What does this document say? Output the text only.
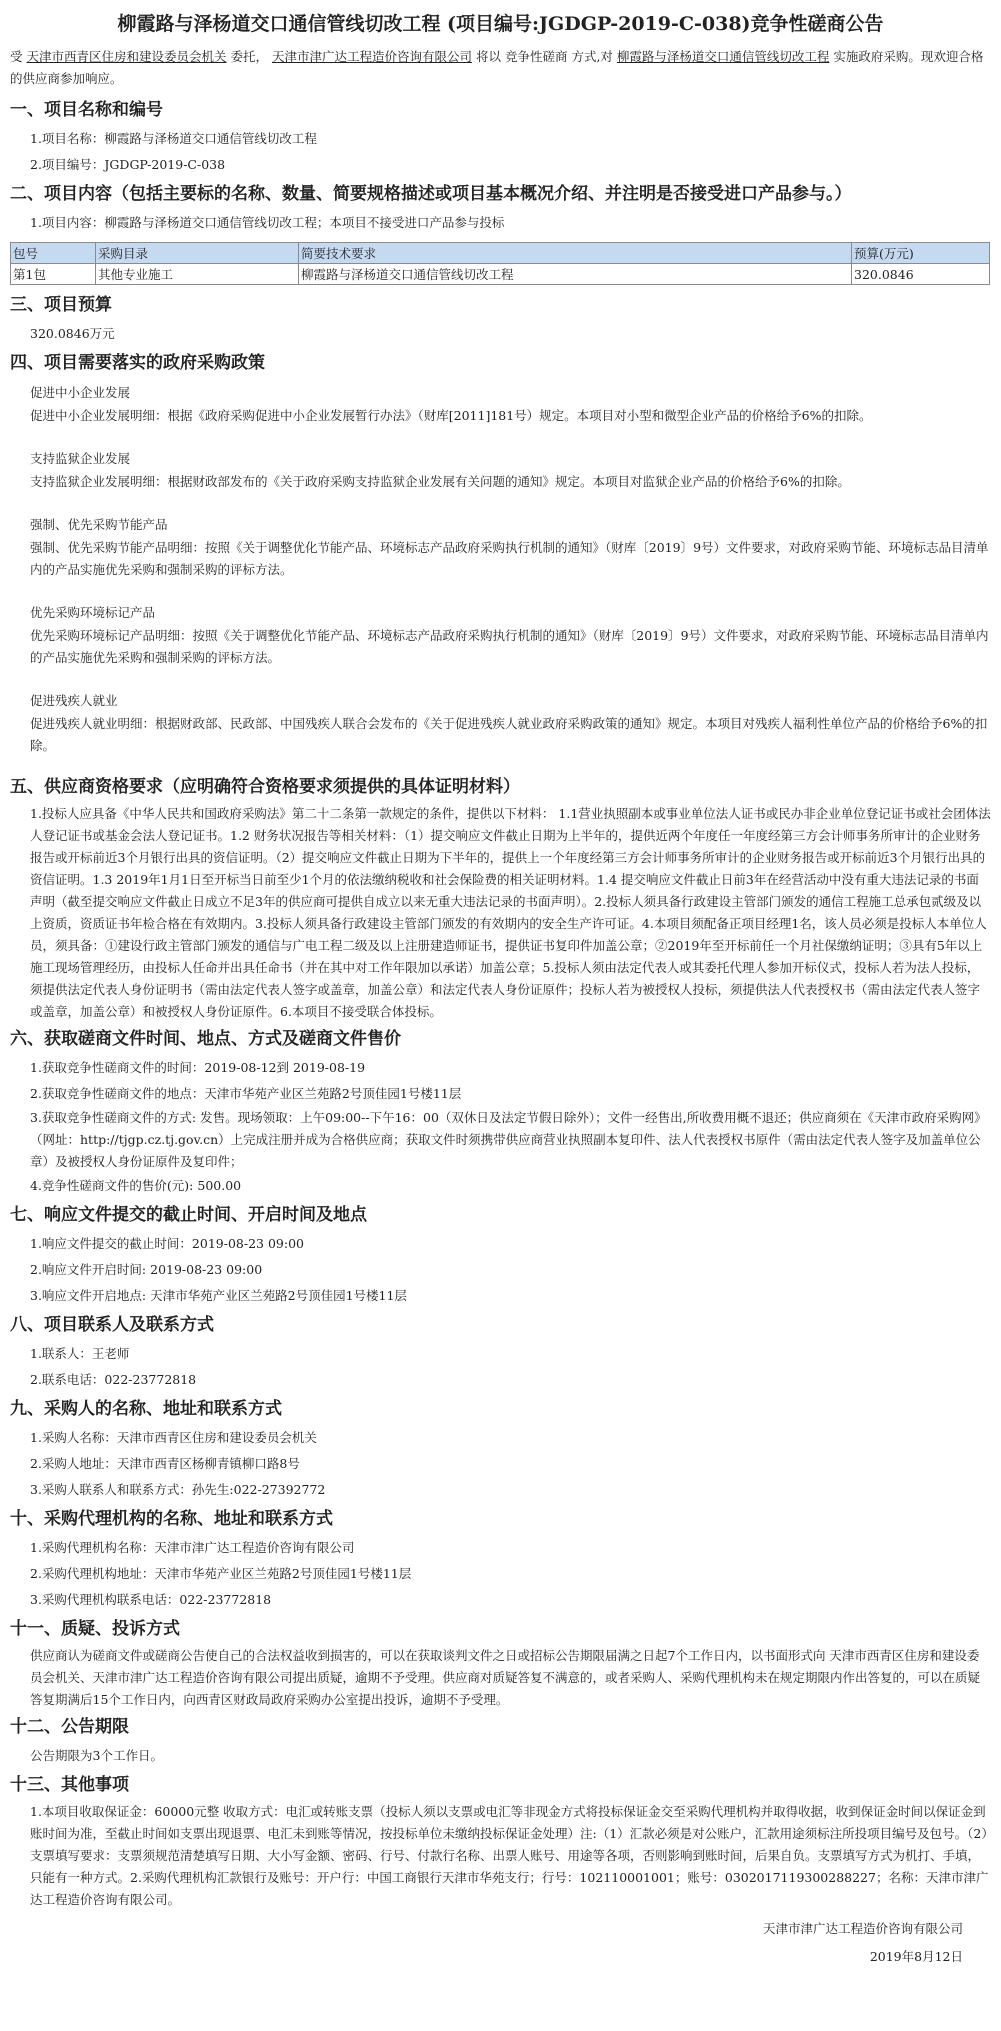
柳霞路与泽杨道交口通信管线切改工程 (项目编号:JGDGP-2019-C-038)竞争性磋商公告

受 天津市西青区住房和建设委员会机关 委托， 天津市津广达工程造价咨询有限公司 将以 竞争性磋商 方式,对 柳霞路与泽杨道交口通信管线切改工程 实施政府采购。现欢迎合格的供应商参加响应。

一、项目名称和编号

1.项目名称：柳霞路与泽杨道交口通信管线切改工程

2.项目编号：JGDGP-2019-C-038

二、项目内容（包括主要标的名称、数量、简要规格描述或项目基本概况介绍、并注明是否接受进口产品参与。）

1.项目内容：柳霞路与泽杨道交口通信管线切改工程；本项目不接受进口产品参与投标

包号	采购目录	简要技术要求	预算(万元)
第1包	其他专业施工	柳霞路与泽杨道交口通信管线切改工程	320.0846
三、项目预算

320.0846万元

四、项目需要落实的政府采购政策

促进中小企业发展

促进中小企业发展明细：根据《政府采购促进中小企业发展暂行办法》（财库[2011]181号）规定。本项目对小型和微型企业产品的价格给予6%的扣除。

支持监狱企业发展

支持监狱企业发展明细：根据财政部发布的《关于政府采购支持监狱企业发展有关问题的通知》规定。本项目对监狱企业产品的价格给予6%的扣除。

强制、优先采购节能产品

强制、优先采购节能产品明细：按照《关于调整优化节能产品、环境标志产品政府采购执行机制的通知》（财库〔2019〕9号）文件要求，对政府采购节能、环境标志品目清单内的产品实施优先采购和强制采购的评标方法。

优先采购环境标记产品

优先采购环境标记产品明细：按照《关于调整优化节能产品、环境标志产品政府采购执行机制的通知》（财库〔2019〕9号）文件要求，对政府采购节能、环境标志品目清单内的产品实施优先采购和强制采购的评标方法。

促进残疾人就业

促进残疾人就业明细：根据财政部、民政部、中国残疾人联合会发布的《关于促进残疾人就业政府采购政策的通知》规定。本项目对残疾人福利性单位产品的价格给予6%的扣除。

五、供应商资格要求（应明确符合资格要求须提供的具体证明材料）

1.投标人应具备《中华人民共和国政府采购法》第二十二条第一款规定的条件，提供以下材料： 1.1营业执照副本或事业单位法人证书或民办非企业单位登记证书或社会团体法人登记证书或基金会法人登记证书。1.2 财务状况报告等相关材料：（1）提交响应文件截止日期为上半年的，提供近两个年度任一年度经第三方会计师事务所审计的企业财务报告或开标前近3个月银行出具的资信证明。（2）提交响应文件截止日期为下半年的，提供上一个年度经第三方会计师事务所审计的企业财务报告或开标前近3个月银行出具的资信证明。1.3 2019年1月1日至开标当日前至少1个月的依法缴纳税收和社会保险费的相关证明材料。1.4 提交响应文件截止日前3年在经营活动中没有重大违法记录的书面声明（截至提交响应文件截止日成立不足3年的供应商可提供自成立以来无重大违法记录的书面声明）。2.投标人须具备行政建设主管部门颁发的通信工程施工总承包贰级及以上资质，资质证书年检合格在有效期内。3.投标人须具备行政建设主管部门颁发的有效期内的安全生产许可证。4.本项目须配备正项目经理1名，该人员必须是投标人本单位人员，须具备：①建设行政主管部门颁发的通信与广电工程二级及以上注册建造师证书，提供证书复印件加盖公章；②2019年至开标前任一个月社保缴纳证明；③具有5年以上施工现场管理经历，由投标人任命并出具任命书（并在其中对工作年限加以承诺）加盖公章；5.投标人须由法定代表人或其委托代理人参加开标仪式，投标人若为法人投标，须提供法定代表人身份证明书（需由法定代表人签字或盖章，加盖公章）和法定代表人身份证原件；投标人若为被授权人投标，须提供法人代表授权书（需由法定代表人签字或盖章，加盖公章）和被授权人身份证原件。6.本项目不接受联合体投标。

六、获取磋商文件时间、地点、方式及磋商文件售价

1.获取竞争性磋商文件的时间：2019-08-12到 2019-08-19

2.获取竞争性磋商文件的地点：天津市华苑产业区兰苑路2号顶佳园1号楼11层

3.获取竞争性磋商文件的方式: 发售。现场领取：上午09:00--下午16：00（双休日及法定节假日除外）；文件一经售出,所收费用概不退还；供应商须在《天津市政府采购网》（网址：http://tjgp.cz.tj.gov.cn）上完成注册并成为合格供应商；获取文件时须携带供应商营业执照副本复印件、法人代表授权书原件（需由法定代表人签字及加盖单位公章）及被授权人身份证原件及复印件；

4.竞争性磋商文件的售价(元): 500.00

七、响应文件提交的截止时间、开启时间及地点

1.响应文件提交的截止时间：2019-08-23 09:00

2.响应文件开启时间: 2019-08-23 09:00

3.响应文件开启地点: 天津市华苑产业区兰苑路2号顶佳园1号楼11层

八、项目联系人及联系方式

1.联系人：王老师

2.联系电话：022-23772818

九、采购人的名称、地址和联系方式

1.采购人名称：天津市西青区住房和建设委员会机关

2.采购人地址：天津市西青区杨柳青镇柳口路8号

3.采购人联系人和联系方式：孙先生:022-27392772

十、采购代理机构的名称、地址和联系方式

1.采购代理机构名称：天津市津广达工程造价咨询有限公司

2.采购代理机构地址：天津市华苑产业区兰苑路2号顶佳园1号楼11层

3.采购代理机构联系电话：022-23772818

十一、质疑、投诉方式

供应商认为磋商文件或磋商公告使自己的合法权益收到损害的，可以在获取谈判文件之日或招标公告期限届满之日起7个工作日内，以书面形式向 天津市西青区住房和建设委员会机关、天津市津广达工程造价咨询有限公司提出质疑，逾期不予受理。供应商对质疑答复不满意的，或者采购人、采购代理机构未在规定期限内作出答复的，可以在质疑答复期满后15个工作日内，向西青区财政局政府采购办公室提出投诉，逾期不予受理。

十二、公告期限

公告期限为3个工作日。

十三、其他事项

1.本项目收取保证金：60000元整 收取方式：电汇或转账支票（投标人须以支票或电汇等非现金方式将投标保证金交至采购代理机构并取得收据，收到保证金时间以保证金到账时间为准，至截止时间如支票出现退票、电汇未到账等情况，按投标单位未缴纳投标保证金处理）注:（1）汇款必须是对公账户，汇款用途须标注所投项目编号及包号。（2）支票填写要求：支票须规范清楚填写日期、大小写金额、密码、行号、付款行名称、出票人账号、用途等各项，否则影响到账时间，后果自负。支票填写方式为机打、手填，只能有一种方式。2.采购代理机构汇款银行及账号：开户行：中国工商银行天津市华苑支行；行号：102110001001；账号：0302017119300288227；名称：天津市津广达工程造价咨询有限公司。

天津市津广达工程造价咨询有限公司

2019年8月12日
